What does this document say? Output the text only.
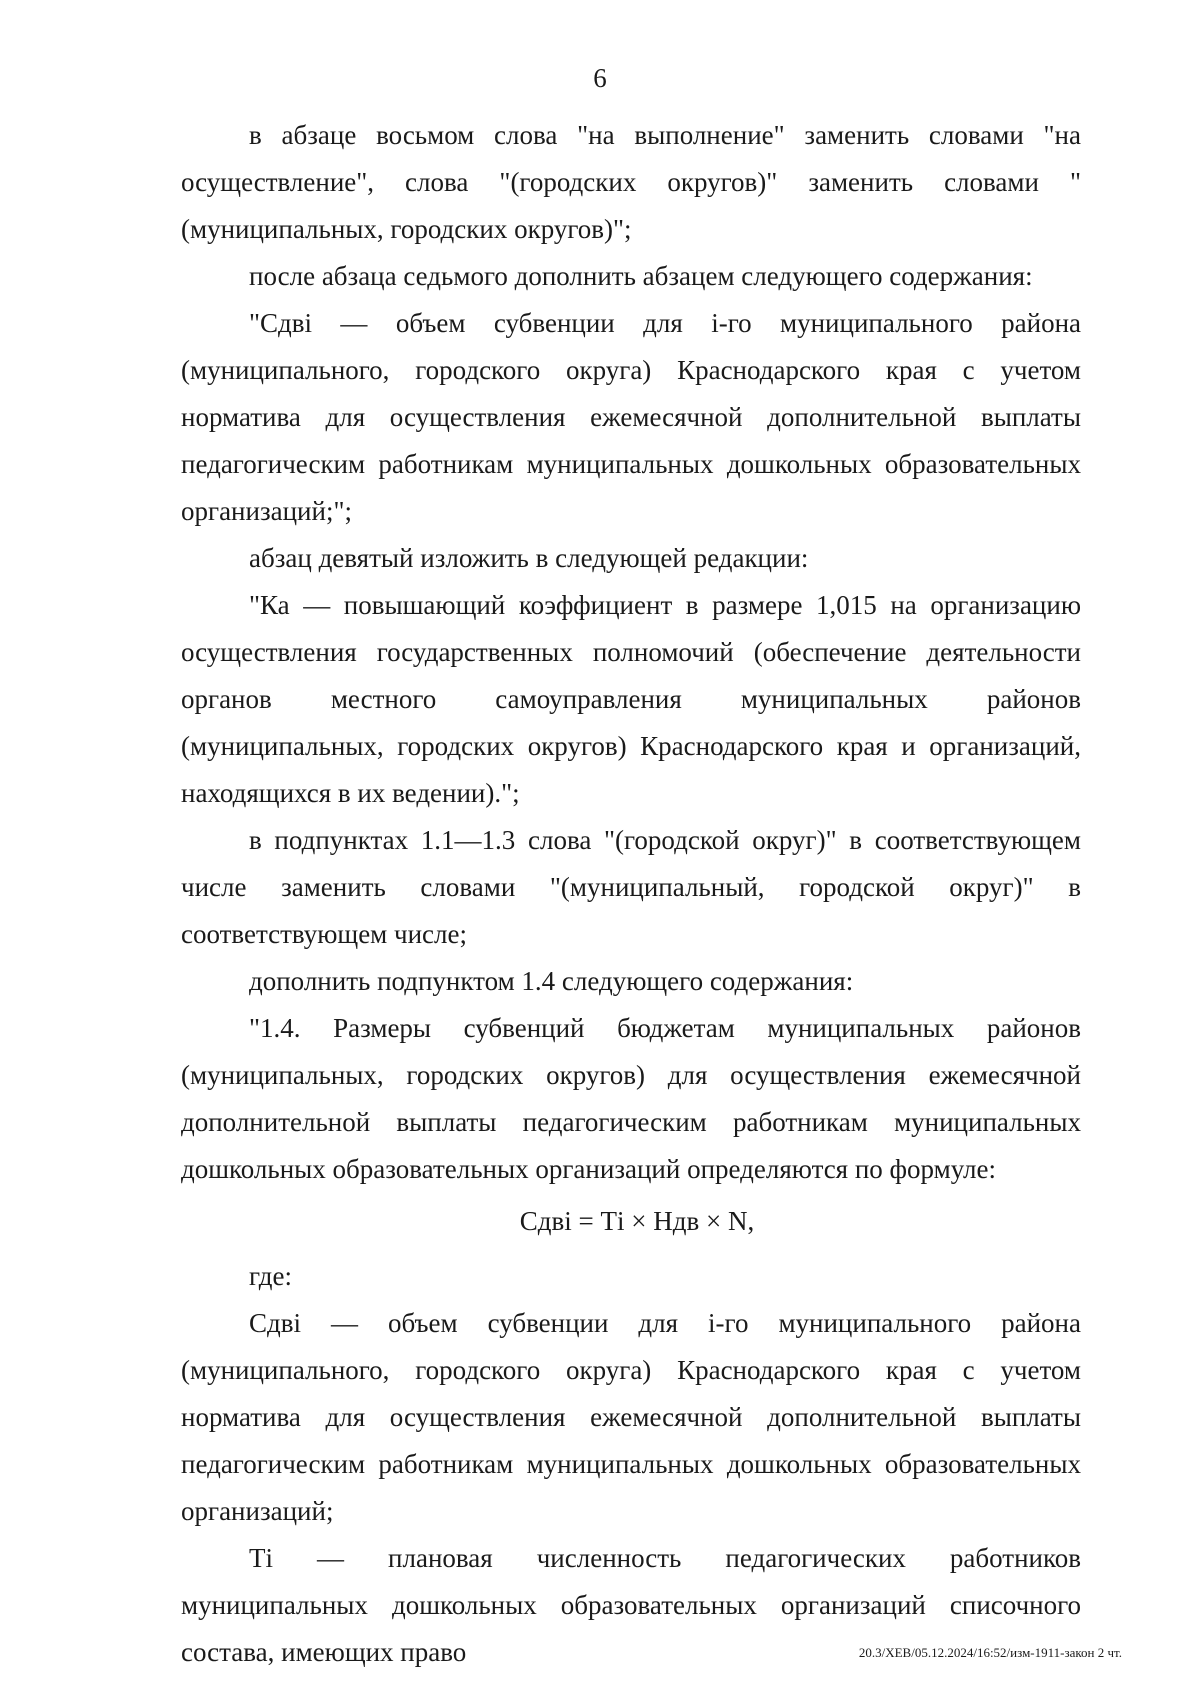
6

в абзаце восьмом слова "на выполнение" заменить словами "на осуществление", слова "(городских округов)" заменить словами "(муниципальных, городских округов)";

после абзаца седьмого дополнить абзацем следующего содержания:

"Сдвi — объем субвенции для i-го муниципального района (муниципального, городского округа) Краснодарского края с учетом норматива для осуществления ежемесячной дополнительной выплаты педагогическим работникам муниципальных дошкольных образовательных организаций;";

абзац девятый изложить в следующей редакции:

"Ка — повышающий коэффициент в размере 1,015 на организацию осуществления государственных полномочий (обеспечение деятельности органов местного самоуправления муниципальных районов (муниципальных, городских округов) Краснодарского края и организаций, находящихся в их ведении).";

в подпунктах 1.1—1.3 слова "(городской округ)" в соответствующем числе заменить словами "(муниципальный, городской округ)" в соответствующем числе;

дополнить подпунктом 1.4 следующего содержания:

"1.4. Размеры субвенций бюджетам муниципальных районов (муниципальных, городских округов) для осуществления ежемесячной дополнительной выплаты педагогическим работникам муниципальных дошкольных образовательных организаций определяются по формуле:

Сдвi = Тi × Ндв × N,

где:

Сдвi — объем субвенции для i-го муниципального района (муниципального, городского округа) Краснодарского края с учетом норматива для осуществления ежемесячной дополнительной выплаты педагогическим работникам муниципальных дошкольных образовательных организаций;

Тi — плановая численность педагогических работников муниципальных дошкольных образовательных организаций списочного состава, имеющих право	20.3/ХЕВ/05.12.2024/16:52/изм-1911-закон 2 чт.
